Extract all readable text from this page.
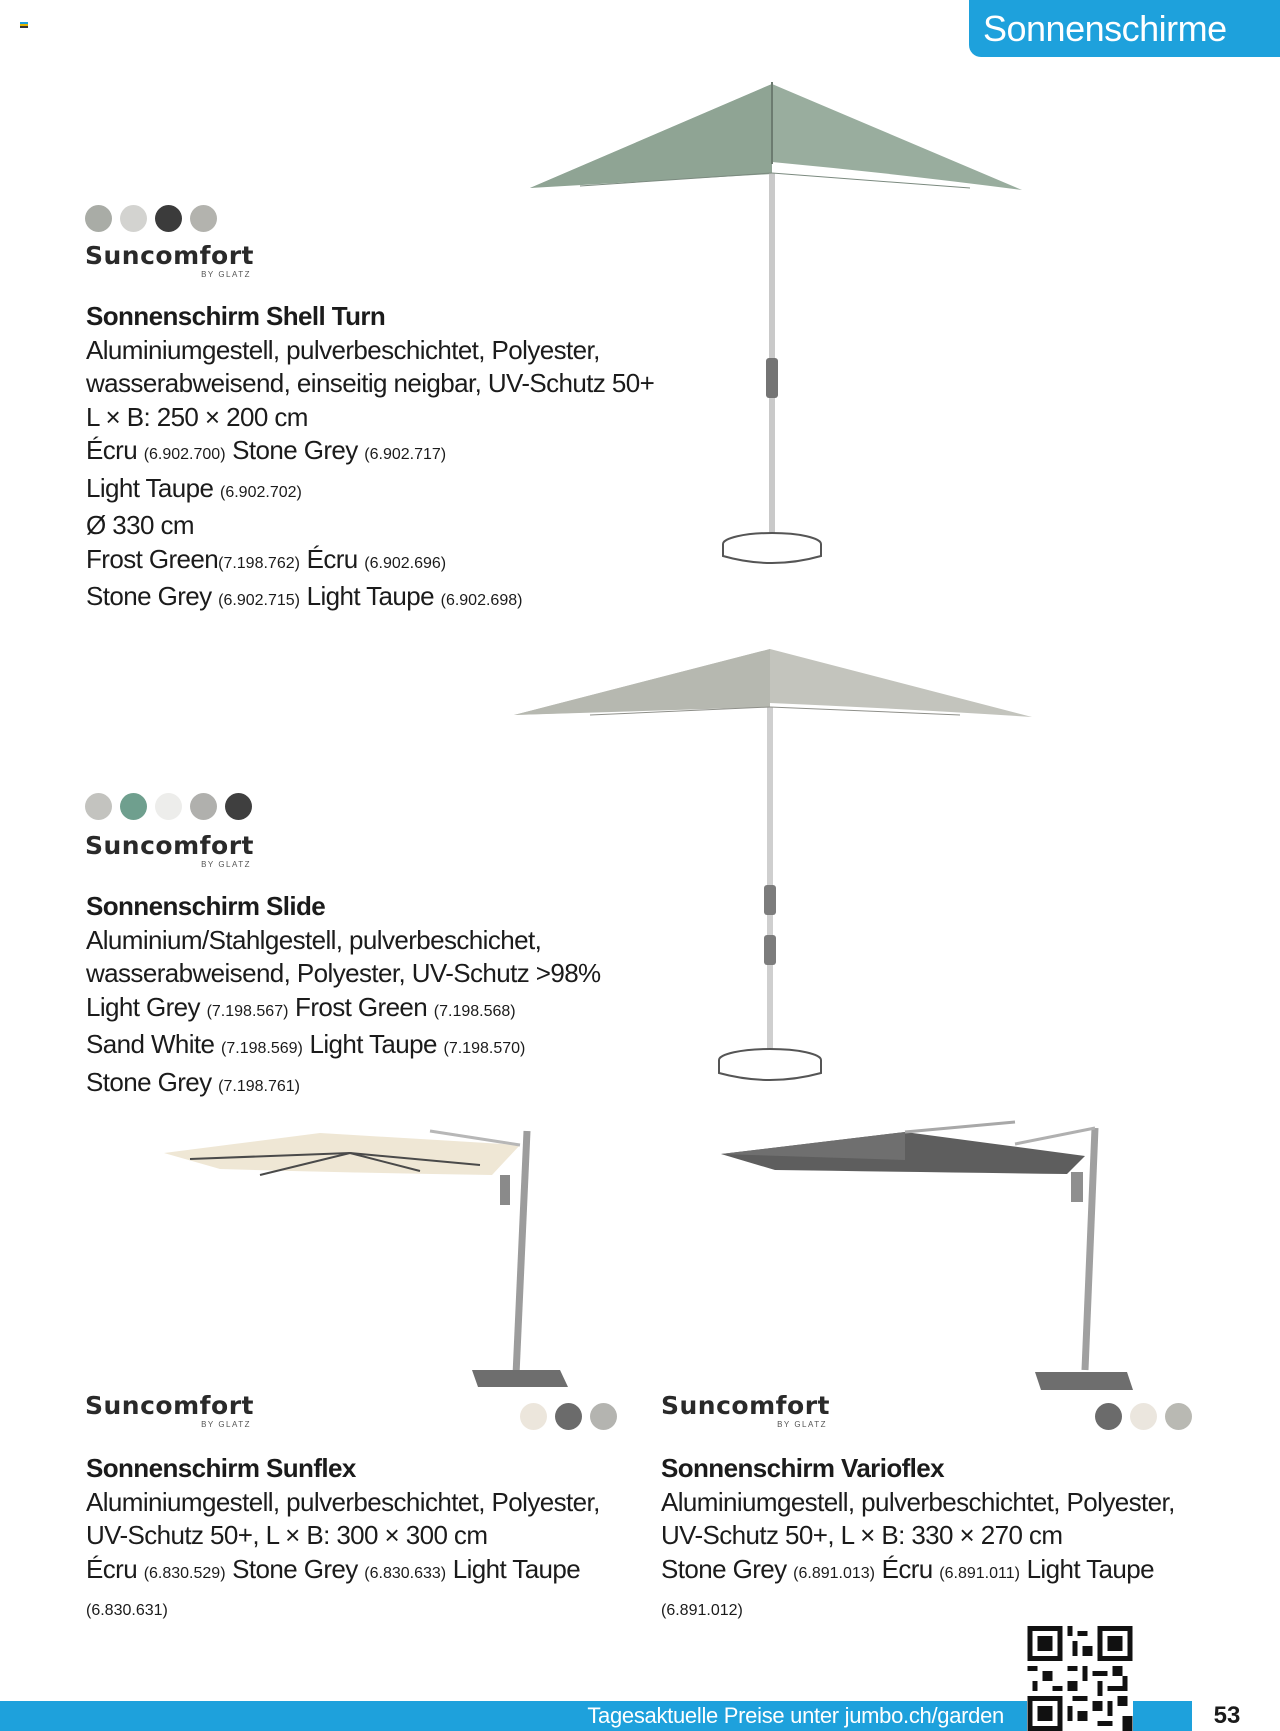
Sonnenschirme
Suncomfort
BY GLATZ
Sonnenschirm Shell Turn
Aluminiumgestell, pulverbeschichtet, Polyester,
wasserabweisend, einseitig neigbar, UV-Schutz 50+
L × B: 250 × 200 cm
Écru (6.902.700) Stone Grey (6.902.717)
Light Taupe (6.902.702)
Ø 330 cm
Frost Green(7.198.762) Écru (6.902.696)
Stone Grey (6.902.715) Light Taupe (6.902.698)
Suncomfort
BY GLATZ
Sonnenschirm Slide
Aluminium/Stahlgestell, pulverbeschichet,
wasserabweisend, Polyester, UV-Schutz >98%
Light Grey (7.198.567) Frost Green (7.198.568)
Sand White (7.198.569) Light Taupe (7.198.570)
Stone Grey (7.198.761)
Suncomfort
BY GLATZ
Sonnenschirm Sunflex
Aluminiumgestell, pulverbeschichtet, Polyester,
UV-Schutz 50+, L × B: 300 × 300 cm
Écru (6.830.529) Stone Grey (6.830.633) Light Taupe
(6.830.631)
Suncomfort
BY GLATZ
Sonnenschirm Varioflex
Aluminiumgestell, pulverbeschichtet, Polyester,
UV-Schutz 50+, L × B: 330 × 270 cm
Stone Grey (6.891.013) Écru (6.891.011) Light Taupe
(6.891.012)
Tagesaktuelle Preise unter jumbo.ch/garden	53
